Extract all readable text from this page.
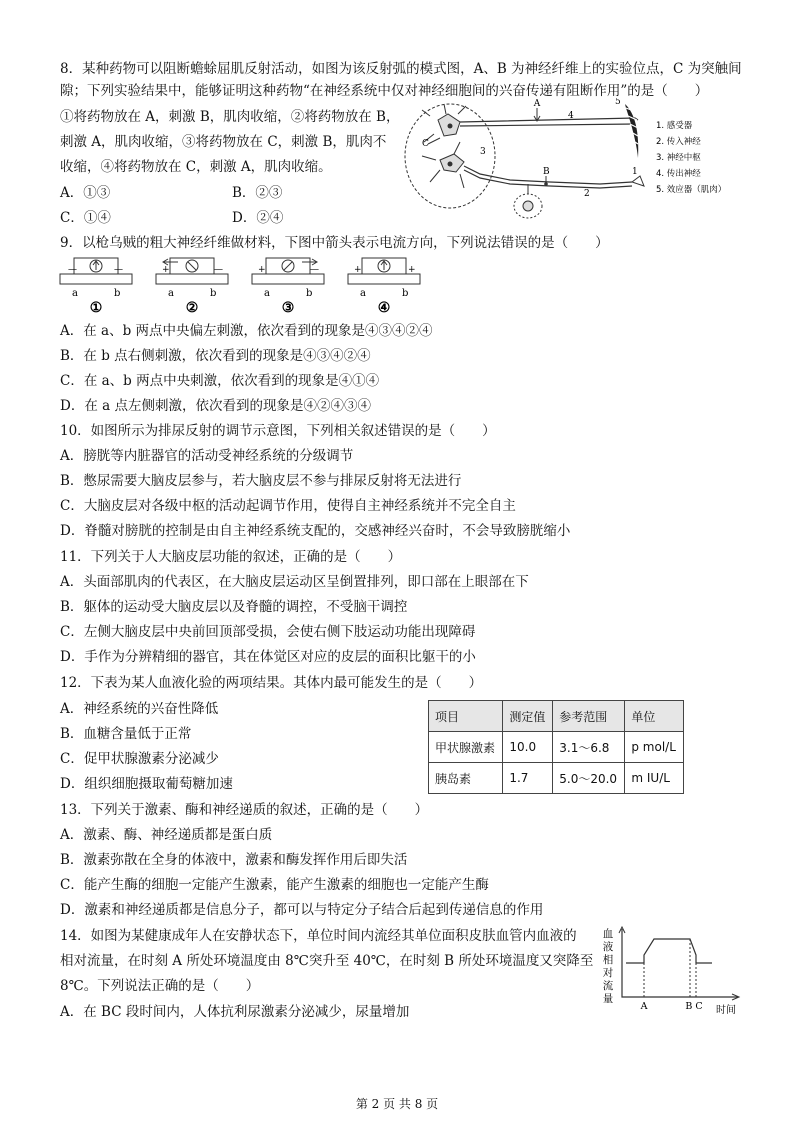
8．某种药物可以阻断蟾蜍屈肌反射活动，如图为该反射弧的模式图，A、B 为神经纤维上的实验位点，C 为突触间
隙；下列实验结果中，能够证明这种药物“在神经系统中仅对神经细胞间的兴奋传递有阻断作用”的是（　　）
①将药物放在 A，刺激 B，肌肉收缩，②将药物放在 B，
刺激 A，肌肉收缩，③将药物放在 C，刺激 B，肌肉不
收缩，④将药物放在 C，刺激 A，肌肉收缩。
A．①③	B．②③
C．①④	D．②④
A
B
C
3
4
5
1
2
1. 感受器
2. 传入神经
3. 神经中枢
4. 传出神经
5. 效应器（肌肉）
9．以枪乌贼的粗大神经纤维做材料，下图中箭头表示电流方向，下列说法错误的是（　　）
—	—	+	—	+	—	+	+
a	b	a	b	a	b	a	b
①	②	③	④
A．在 a、b 两点中央偏左刺激，依次看到的现象是④③④②④
B．在 b 点右侧刺激，依次看到的现象是④③④②④
C．在 a、b 两点中央刺激，依次看到的现象是④①④
D．在 a 点左侧刺激，依次看到的现象是④②④③④
10．如图所示为排尿反射的调节示意图，下列相关叙述错误的是（　　）
A．膀胱等内脏器官的活动受神经系统的分级调节
B．憋尿需要大脑皮层参与，若大脑皮层不参与排尿反射将无法进行
C．大脑皮层对各级中枢的活动起调节作用，使得自主神经系统并不完全自主
D．脊髓对膀胱的控制是由自主神经系统支配的，交感神经兴奋时，不会导致膀胱缩小
11．下列关于人大脑皮层功能的叙述，正确的是（　　）
A．头面部肌肉的代表区，在大脑皮层运动区呈倒置排列，即口部在上眼部在下
B．躯体的运动受大脑皮层以及脊髓的调控，不受脑干调控
C．左侧大脑皮层中央前回顶部受损，会使右侧下肢运动功能出现障碍
D．手作为分辨精细的器官，其在体觉区对应的皮层的面积比躯干的小
12．下表为某人血液化验的两项结果。其体内最可能发生的是（　　）
A．神经系统的兴奋性降低
B．血糖含量低于正常
C．促甲状腺激素分泌减少
D．组织细胞摄取葡萄糖加速
项目	测定值	参考范围	单位
甲状腺激素	10.0	3.1～6.8	p mol/L
胰岛素	1.7	5.0～20.0	m IU/L
13．下列关于激素、酶和神经递质的叙述，正确的是（　　）
A．激素、酶、神经递质都是蛋白质
B．激素弥散在全身的体液中，激素和酶发挥作用后即失活
C．能产生酶的细胞一定能产生激素，能产生激素的细胞也一定能产生酶
D．激素和神经递质都是信息分子，都可以与特定分子结合后起到传递信息的作用
14．如图为某健康成年人在安静状态下，单位时间内流经其单位面积皮肤血管内血液的
相对流量，在时刻 A 所处环境温度由 8℃突升至 40℃，在时刻 B 所处环境温度又突降至
8℃。下列说法正确的是（　　）
A．在 BC 段时间内，人体抗利尿激素分泌减少，尿量增加
血
液
相
对
流
量
A	B C 时间
第 2 页 共 8 页
